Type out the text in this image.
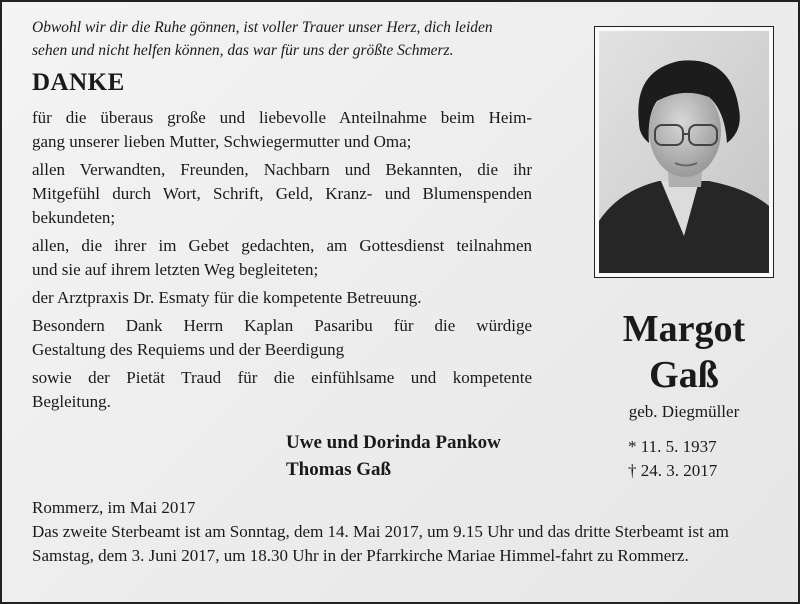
Obwohl wir dir die Ruhe gönnen, ist voller Trauer unser Herz, dich leiden
sehen und nicht helfen können, das war für uns der größte Schmerz.
DANKE

für die überaus große und liebevolle Anteilnahme beim Heim-
gang unserer lieben Mutter, Schwiegermutter und Oma;

allen Verwandten, Freunden, Nachbarn und Bekannten, die ihr
Mitgefühl durch Wort, Schrift, Geld, Kranz- und Blumenspenden
bekundeten;

allen, die ihrer im Gebet gedachten, am Gottesdienst teilnahmen
und sie auf ihrem letzten Weg begleiteten;

der Arztpraxis Dr. Esmaty für die kompetente Betreuung.

Besondern Dank Herrn Kaplan Pasaribu für die würdige
Gestaltung des Requiems und der Beerdigung

sowie der Pietät Traud für die einfühlsame und kompetente
Begleitung.

Uwe und Dorinda Pankow
Thomas Gaß
Rommerz, im Mai 2017
Das zweite Sterbeamt ist am Sonntag, dem 14. Mai 2017, um 9.15 Uhr und das dritte Sterbeamt ist am Samstag, dem 3. Juni 2017, um 18.30 Uhr in der Pfarrkirche Mariae Himmel-fahrt zu Rommerz.
Margot
Gaß
geb. Diegmüller
* 11. 5. 1937
† 24. 3. 2017
